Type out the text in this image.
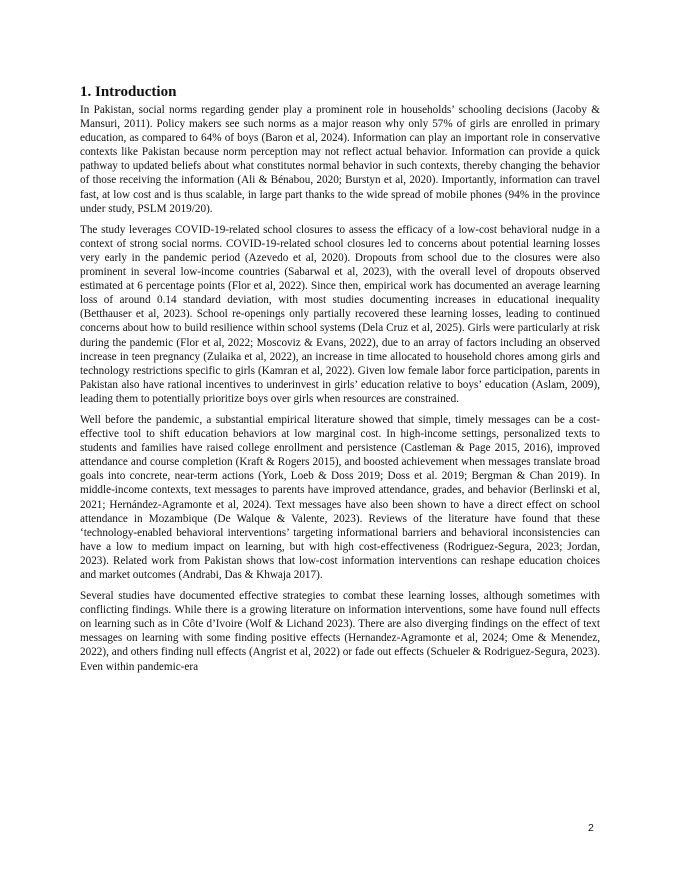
1. Introduction

In Pakistan, social norms regarding gender play a prominent role in households’ schooling decisions (Jacoby & Mansuri, 2011). Policy makers see such norms as a major reason why only 57% of girls are enrolled in primary education, as compared to 64% of boys (Baron et al, 2024). Information can play an important role in conservative contexts like Pakistan because norm perception may not reflect actual behavior. Information can provide a quick pathway to updated beliefs about what constitutes normal behavior in such contexts, thereby changing the behavior of those receiving the information (Ali & Bénabou, 2020; Burstyn et al, 2020). Importantly, information can travel fast, at low cost and is thus scalable, in large part thanks to the wide spread of mobile phones (94% in the province under study, PSLM 2019/20).

The study leverages COVID-19-related school closures to assess the efficacy of a low-cost behavioral nudge in a context of strong social norms. COVID-19-related school closures led to concerns about potential learning losses very early in the pandemic period (Azevedo et al, 2020). Dropouts from school due to the closures were also prominent in several low-income countries (Sabarwal et al, 2023), with the overall level of dropouts observed estimated at 6 percentage points (Flor et al, 2022). Since then, empirical work has documented an average learning loss of around 0.14 standard deviation, with most studies documenting increases in educational inequality (Betthauser et al, 2023). School re-openings only partially recovered these learning losses, leading to continued concerns about how to build resilience within school systems (Dela Cruz et al, 2025). Girls were particularly at risk during the pandemic (Flor et al, 2022; Moscoviz & Evans, 2022), due to an array of factors including an observed increase in teen pregnancy (Zulaika et al, 2022), an increase in time allocated to household chores among girls and technology restrictions specific to girls (Kamran et al, 2022). Given low female labor force participation, parents in Pakistan also have rational incentives to underinvest in girls’ education relative to boys’ education (Aslam, 2009), leading them to potentially prioritize boys over girls when resources are constrained.

Well before the pandemic, a substantial empirical literature showed that simple, timely messages can be a cost-effective tool to shift education behaviors at low marginal cost. In high-income settings, personalized texts to students and families have raised college enrollment and persistence (Castleman & Page 2015, 2016), improved attendance and course completion (Kraft & Rogers 2015), and boosted achievement when messages translate broad goals into concrete, near-term actions (York, Loeb & Doss 2019; Doss et al. 2019; Bergman & Chan 2019). In middle-income contexts, text messages to parents have improved attendance, grades, and behavior (Berlinski et al, 2021; Hernández-Agramonte et al, 2024). Text messages have also been shown to have a direct effect on school attendance in Mozambique (De Walque & Valente, 2023). Reviews of the literature have found that these ‘technology-enabled behavioral interventions’ targeting informational barriers and behavioral inconsistencies can have a low to medium impact on learning, but with high cost-effectiveness (Rodriguez-Segura, 2023; Jordan, 2023). Related work from Pakistan shows that low-cost information interventions can reshape education choices and market outcomes (Andrabi, Das & Khwaja 2017).

Several studies have documented effective strategies to combat these learning losses, although sometimes with conflicting findings. While there is a growing literature on information interventions, some have found null effects on learning such as in Côte d’Ivoire (Wolf & Lichand 2023). There are also diverging findings on the effect of text messages on learning with some finding positive effects (Hernandez-Agramonte et al, 2024; Ome & Menendez, 2022), and others finding null effects (Angrist et al, 2022) or fade out effects (Schueler & Rodriguez-Segura, 2023). Even within pandemic-era

2
